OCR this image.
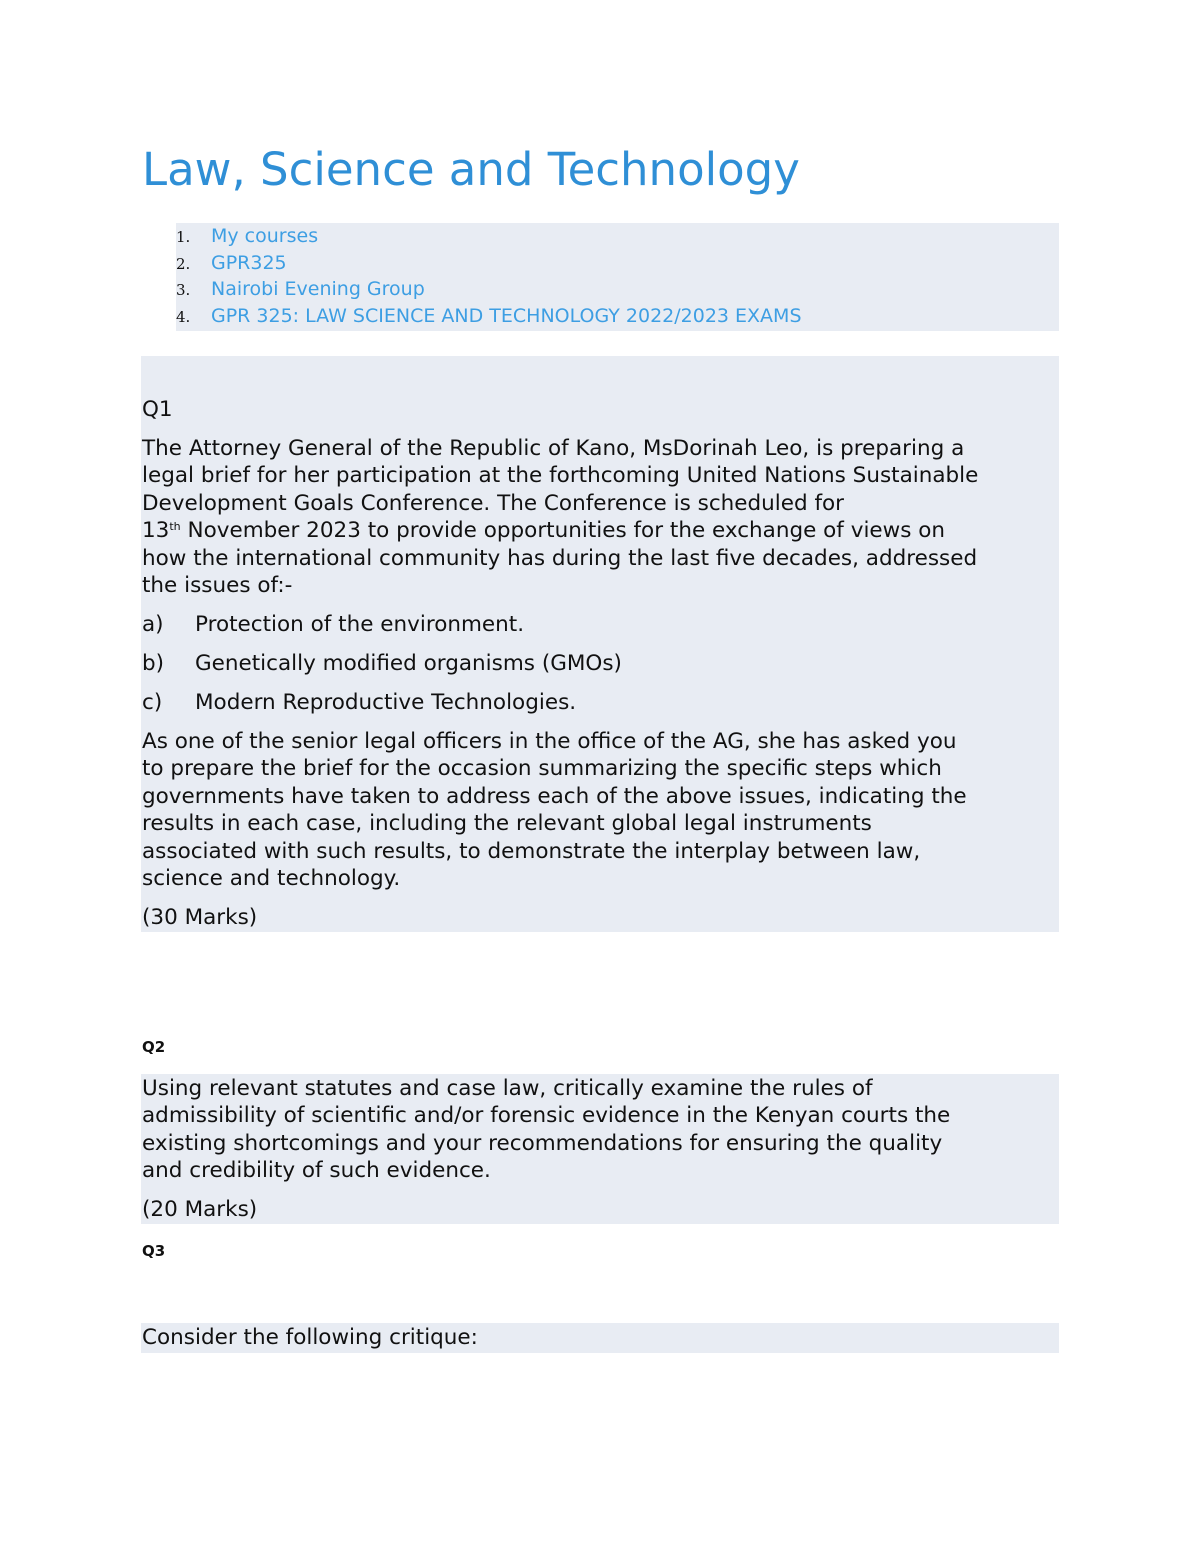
Law, Science and Technology
1.	My courses
2.	GPR325
3.	Nairobi Evening Group
4.	GPR 325: LAW SCIENCE AND TECHNOLOGY 2022/2023 EXAMS
Q1
The Attorney General of the Republic of Kano, MsDorinah Leo, is preparing a
legal brief for her participation at the forthcoming United Nations Sustainable
Development Goals Conference. The Conference is scheduled for
13th November 2023 to provide opportunities for the exchange of views on
how the international community has during the last five decades, addressed
the issues of:-
a) Protection of the environment.
b) Genetically modified organisms (GMOs)
c) Modern Reproductive Technologies.
As one of the senior legal officers in the office of the AG, she has asked you
to prepare the brief for the occasion summarizing the specific steps which
governments have taken to address each of the above issues, indicating the
results in each case, including the relevant global legal instruments
associated with such results, to demonstrate the interplay between law,
science and technology.
(30 Marks)
Q2
Using relevant statutes and case law, critically examine the rules of
admissibility of scientific and/or forensic evidence in the Kenyan courts the
existing shortcomings and your recommendations for ensuring the quality
and credibility of such evidence.
(20 Marks)
Q3
Consider the following critique:
